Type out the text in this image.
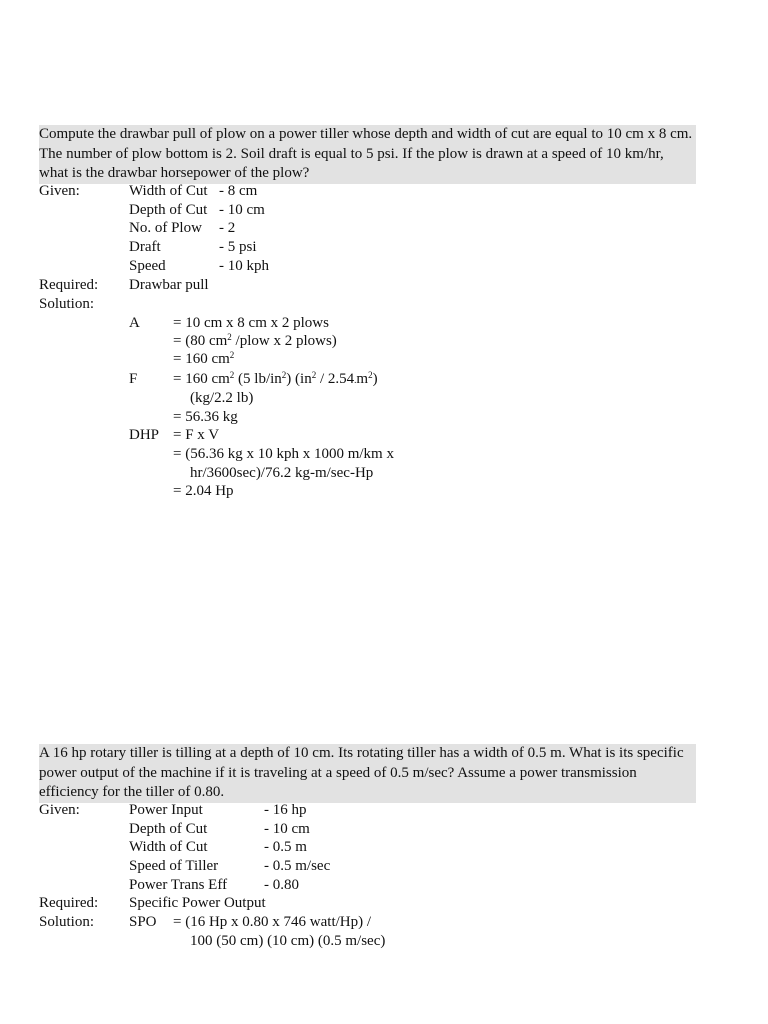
Compute the drawbar pull of plow on a power tiller whose depth and width of cut are equal to 10 cm x 8 cm. The number of plow bottom is 2. Soil draft is equal to 5 psi. If the plow is drawn at a speed of 10 km/hr, what is the drawbar horsepower of the plow?
Given:	Width of Cut - 8 cm
Depth of Cut - 10 cm
No. of Plow - 2
Draft	- 5 psi
Speed	- 10 kph
Required: Drawbar pull
Solution:
A = 10 cm x 8 cm x 2 plows
= (80 $cm^2$ /plow x 2 plows)
= 160 $cm^2$
F = 160 $cm^2$ (5 $lb/in^2$) $(in^2 / 2.54.m^2)$
(kg/2.2 lb)
= 56.36 kg
DHP = F x V
= (56.36 kg x 10 kph x 1000 m/km x
hr/3600sec)/76.2 kg-m/sec-Hp
= 2.04 Hp
A 16 hp rotary tiller is tilling at a depth of 10 cm. Its rotating tiller has a width of 0.5 m. What is its specific power output of the machine if it is traveling at a speed of 0.5 m/sec? Assume a power transmission efficiency for the tiller of 0.80.
Given:	Power Input	- 16 hp
Depth of Cut	- 10 cm
Width of Cut	- 0.5 m
Speed of Tiller	- 0.5 m/sec
Power Trans Eff - 0.80
Required: Specific Power Output
Solution: SPO = (16 Hp x 0.80 x 746 watt/Hp) /
100 (50 cm) (10 cm) (0.5 m/sec)
